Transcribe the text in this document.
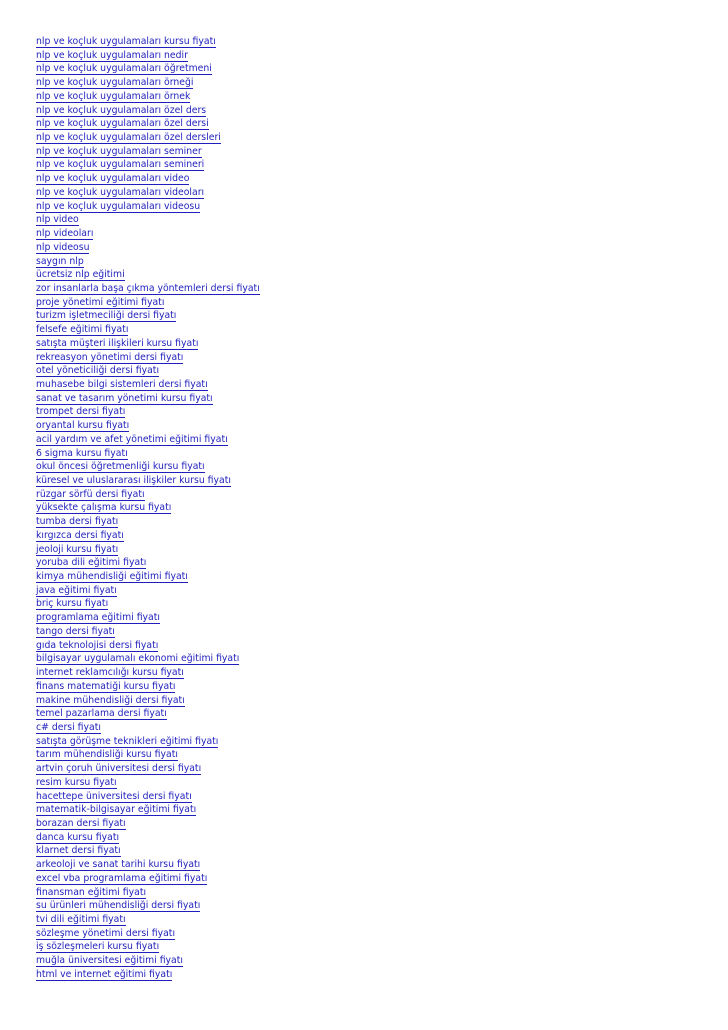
nlp ve koçluk uygulamaları kursu fiyatı
nlp ve koçluk uygulamaları nedir
nlp ve koçluk uygulamaları öğretmeni
nlp ve koçluk uygulamaları örneği
nlp ve koçluk uygulamaları örnek
nlp ve koçluk uygulamaları özel ders
nlp ve koçluk uygulamaları özel dersi
nlp ve koçluk uygulamaları özel dersleri
nlp ve koçluk uygulamaları seminer
nlp ve koçluk uygulamaları semineri
nlp ve koçluk uygulamaları video
nlp ve koçluk uygulamaları videoları
nlp ve koçluk uygulamaları videosu
nlp video
nlp videoları
nlp videosu
saygın nlp
ücretsiz nlp eğitimi
zor insanlarla başa çıkma yöntemleri dersi fiyatı
proje yönetimi eğitimi fiyatı
turizm işletmeciliği dersi fiyatı
felsefe eğitimi fiyatı
satışta müşteri ilişkileri kursu fiyatı
rekreasyon yönetimi dersi fiyatı
otel yöneticiliği dersi fiyatı
muhasebe bilgi sistemleri dersi fiyatı
sanat ve tasarım yönetimi kursu fiyatı
trompet dersi fiyatı
oryantal kursu fiyatı
acil yardım ve afet yönetimi eğitimi fiyatı
6 sigma kursu fiyatı
okul öncesi öğretmenliği kursu fiyatı
küresel ve uluslararası ilişkiler kursu fiyatı
rüzgar sörfü dersi fiyatı
yüksekte çalışma kursu fiyatı
tumba dersi fiyatı
kırgızca dersi fiyatı
jeoloji kursu fiyatı
yoruba dili eğitimi fiyatı
kimya mühendisliği eğitimi fiyatı
java eğitimi fiyatı
briç kursu fiyatı
programlama eğitimi fiyatı
tango dersi fiyatı
gıda teknolojisi dersi fiyatı
bilgisayar uygulamalı ekonomi eğitimi fiyatı
internet reklamcılığı kursu fiyatı
finans matematiği kursu fiyatı
makine mühendisliği dersi fiyatı
temel pazarlama dersi fiyatı
c# dersi fiyatı
satışta görüşme teknikleri eğitimi fiyatı
tarım mühendisliği kursu fiyatı
artvin çoruh üniversitesi dersi fiyatı
resim kursu fiyatı
hacettepe üniversitesi dersi fiyatı
matematik-bilgisayar eğitimi fiyatı
borazan dersi fiyatı
danca kursu fiyatı
klarnet dersi fiyatı
arkeoloji ve sanat tarihi kursu fiyatı
excel vba programlama eğitimi fiyatı
finansman eğitimi fiyatı
su ürünleri mühendisliği dersi fiyatı
tvi dili eğitimi fiyatı
sözleşme yönetimi dersi fiyatı
iş sözleşmeleri kursu fiyatı
muğla üniversitesi eğitimi fiyatı
html ve internet eğitimi fiyatı
